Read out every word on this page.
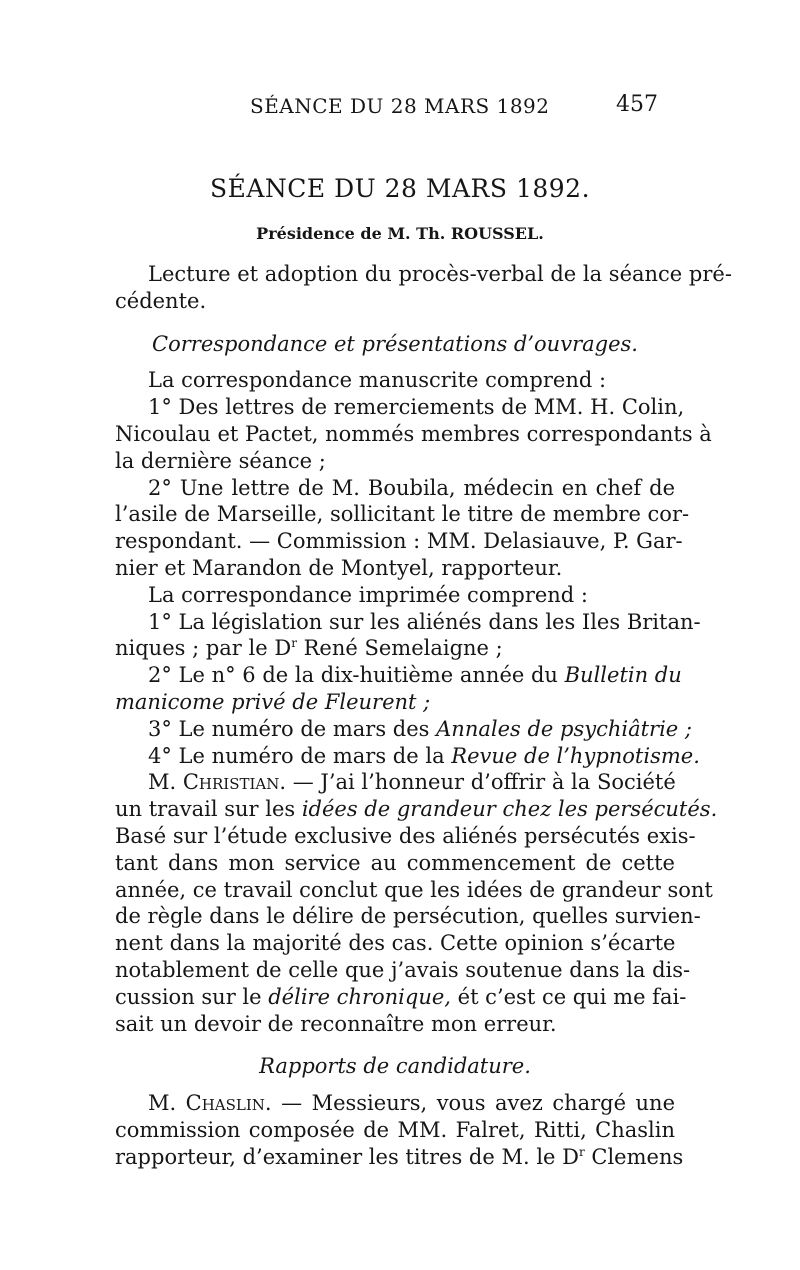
SÉANCE DU 28 MARS 1892	457
SÉANCE DU 28 MARS 1892.
Présidence de M. Th. ROUSSEL.
Lecture et adoption du procès-verbal de la séance pré-
cédente.
Correspondance et présentations d’ouvrages.
La correspondance manuscrite comprend :
1° Des lettres de remerciements de MM. H. Colin,
Nicoulau et Pactet, nommés membres correspondants à
la dernière séance ;
2° Une lettre de M. Boubila, médecin en chef de
l’asile de Marseille, sollicitant le titre de membre cor-
respondant. — Commission : MM. Delasiauve, P. Gar-
nier et Marandon de Montyel, rapporteur.
La correspondance imprimée comprend :
1° La législation sur les aliénés dans les Iles Britan-
niques ; par le $D^r$ René Semelaigne ;
2° Le n° 6 de la dix-huitième année du Bulletin du
manicome privé de Fleurent ;
3° Le numéro de mars des Annales de psychiâtrie ;
4° Le numéro de mars de la Revue de l’hypnotisme.
M. Christian. — J’ai l’honneur d’offrir à la Société
un travail sur les idées de grandeur chez les persécutés.
Basé sur l’étude exclusive des aliénés persécutés exis-
tant dans mon service au commencement de cette
année, ce travail conclut que les idées de grandeur sont
de règle dans le délire de persécution, quelles survien-
nent dans la majorité des cas. Cette opinion s’écarte
notablement de celle que j’avais soutenue dans la dis-
cussion sur le délire chronique, ét c’est ce qui me fai-
sait un devoir de reconnaître mon erreur.
Rapports de candidature.
M. Chaslin. — Messieurs, vous avez chargé une
commission composée de MM. Falret, Ritti, Chaslin
rapporteur, d’examiner les titres de M. le $D^r$ Clemens
